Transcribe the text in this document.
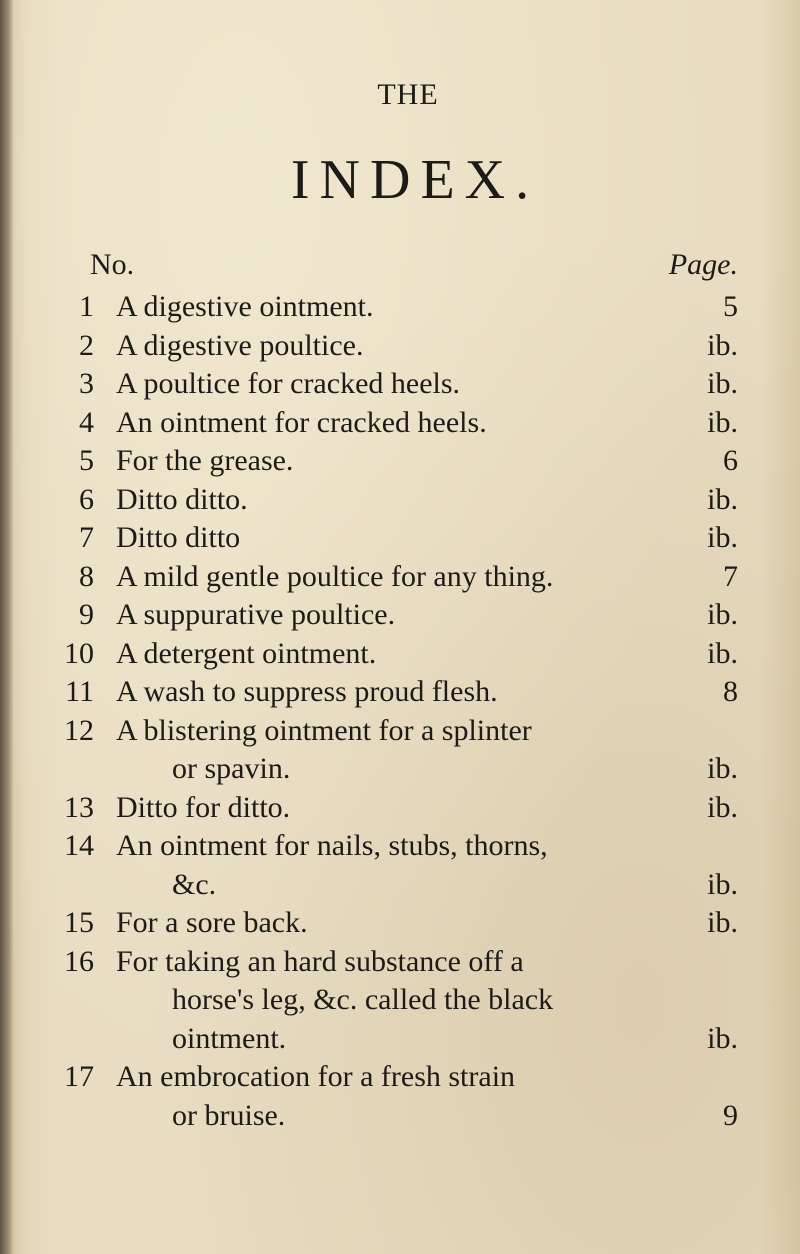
THE
INDEX.
No.	Page.
1 A digestive ointment.	5
2 A digestive poultice.	ib.
3 A poultice for cracked heels.	ib.
4 An ointment for cracked heels.	ib.
5 For the grease.	6
6 Ditto ditto.	ib.
7 Ditto ditto	ib.
8 A mild gentle poultice for any thing.	7
9 A suppurative poultice.	ib.
10 A detergent ointment.	ib.
11 A wash to suppress proud flesh.	8
12 A blistering ointment for a splinter
or spavin.	ib.
13 Ditto for ditto.	ib.
14 An ointment for nails, stubs, thorns,
&c.	ib.
15 For a sore back.	ib.
16 For taking an hard substance off a
horse's leg, &c. called the black
ointment.	ib.
17 An embrocation for a fresh strain
or bruise.	9
